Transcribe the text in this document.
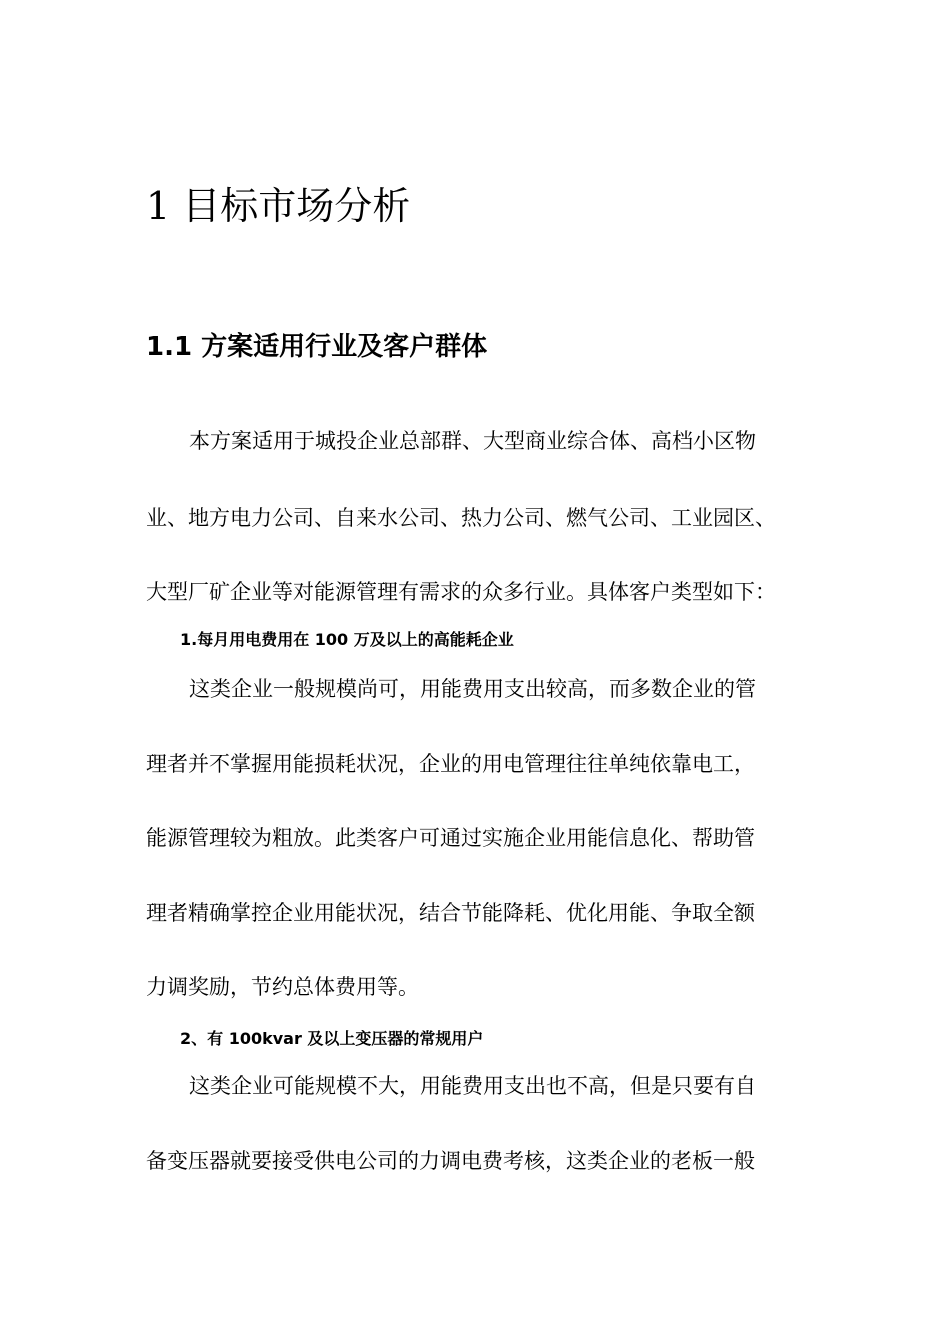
1 目标市场分析
1.1 方案适用行业及客户群体

本方案适用于城投企业总部群、大型商业综合体、高档小区物

业、地方电力公司、自来水公司、热力公司、燃气公司、工业园区、

大型厂矿企业等对能源管理有需求的众多行业。具体客户类型如下：

1.每月用电费用在 100 万及以上的高能耗企业

这类企业一般规模尚可，用能费用支出较高，而多数企业的管

理者并不掌握用能损耗状况，企业的用电管理往往单纯依靠电工，

能源管理较为粗放。此类客户可通过实施企业用能信息化、帮助管

理者精确掌控企业用能状况，结合节能降耗、优化用能、争取全额

力调奖励，节约总体费用等。

2、有 100kvar 及以上变压器的常规用户

这类企业可能规模不大，用能费用支出也不高，但是只要有自

备变压器就要接受供电公司的力调电费考核，这类企业的老板一般
